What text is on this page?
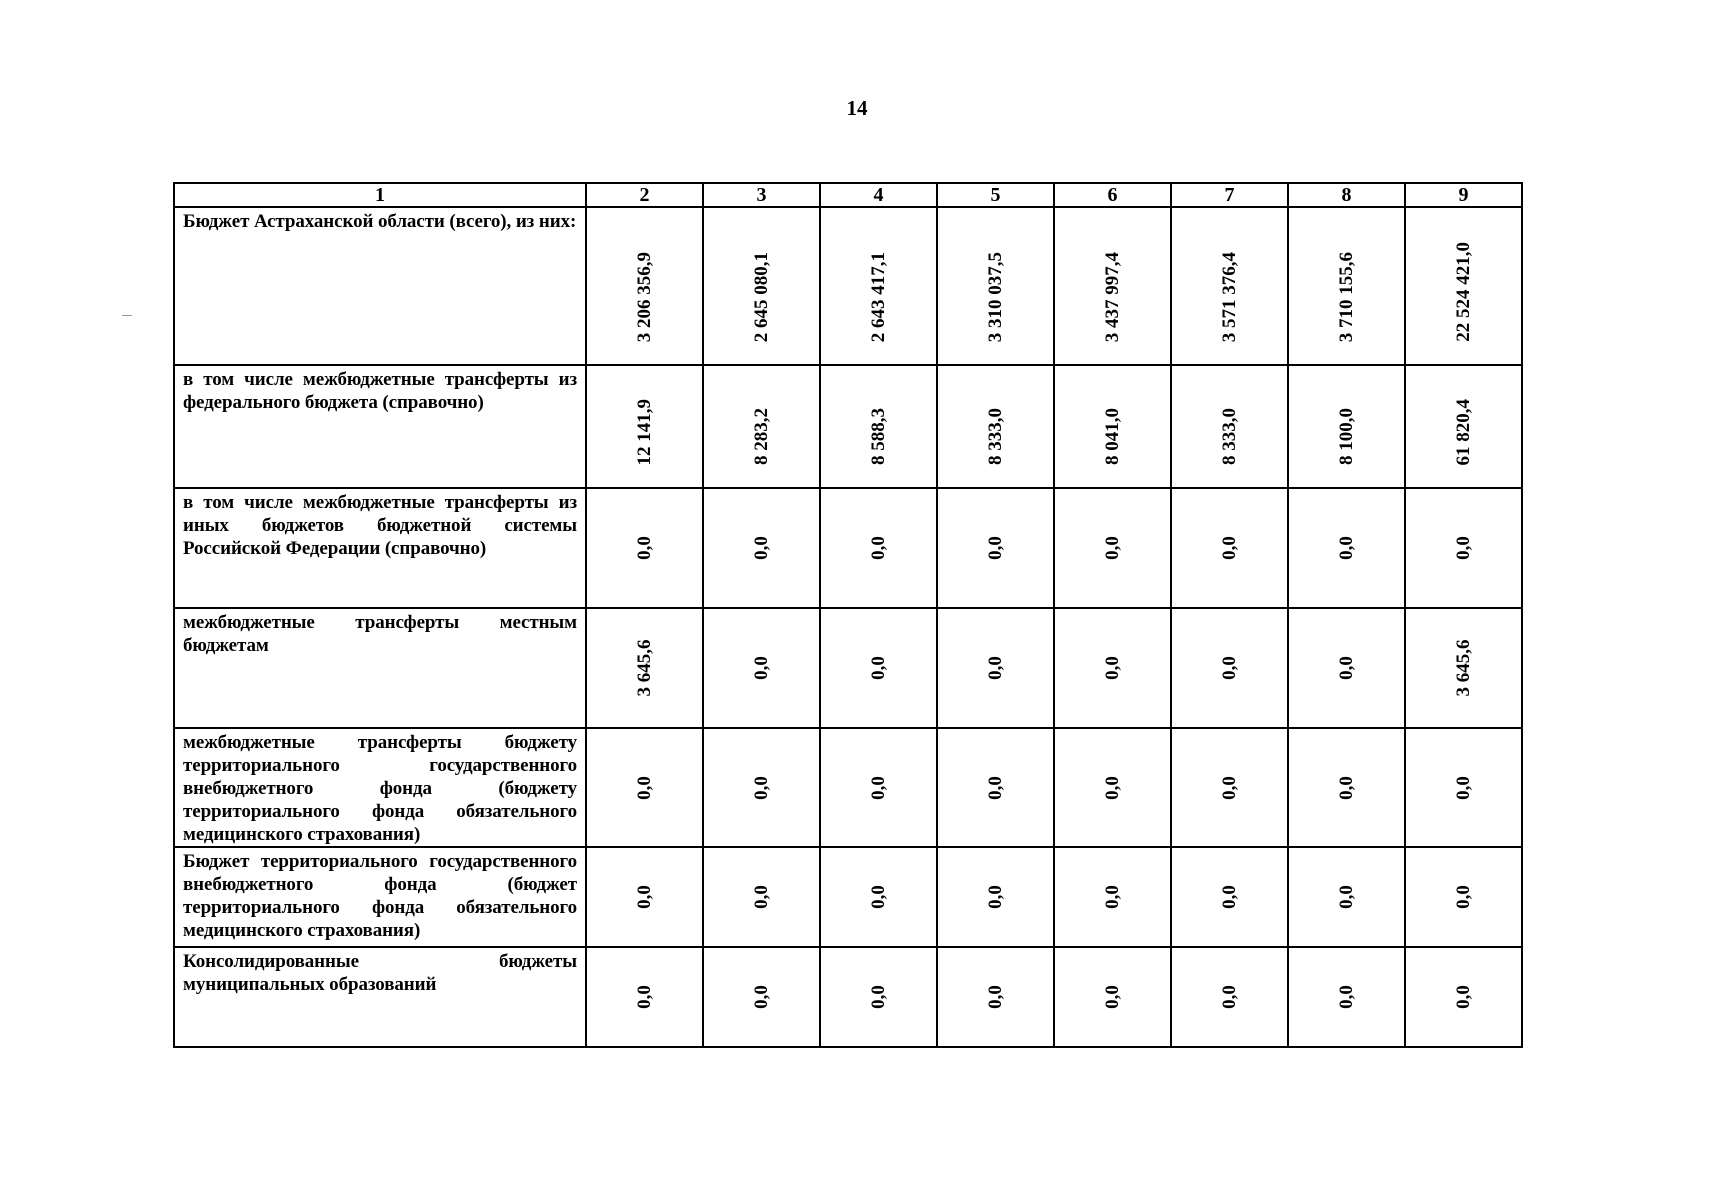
14
1	2	3	4	5	6	7	8	9
Бюджет Астраханской области (всего), из них:	3 206 356,9	2 645 080,1	2 643 417,1	3 310 037,5	3 437 997,4	3 571 376,4	3 710 155,6	22 524 421,0

в том числе межбюджетные трансферты из федерального бюджета (справочно)	12 141,9	8 283,2	8 588,3	8 333,0	8 041,0	8 333,0	8 100,0	61 820,4

в том числе межбюджетные трансферты из иных бюджетов бюджетной системы Российской Федерации (справочно)	0,0	0,0	0,0	0,0	0,0	0,0	0,0	0,0

межбюджетные трансферты местным бюджетам	3 645,6	0,0	0,0	0,0	0,0	0,0	0,0	3 645,6

межбюджетные трансферты бюджету территориального государственного внебюджетного фонда (бюджету территориального фонда обязательного медицинского страхования)	0,0	0,0	0,0	0,0	0,0	0,0	0,0	0,0

Бюджет территориального государственного внебюджетного фонда (бюджет территориального фонда обязательного медицинского страхования)	0,0	0,0	0,0	0,0	0,0	0,0	0,0	0,0

Консолидированные бюджеты муниципальных образований	0,0	0,0	0,0	0,0	0,0	0,0	0,0	0,0
